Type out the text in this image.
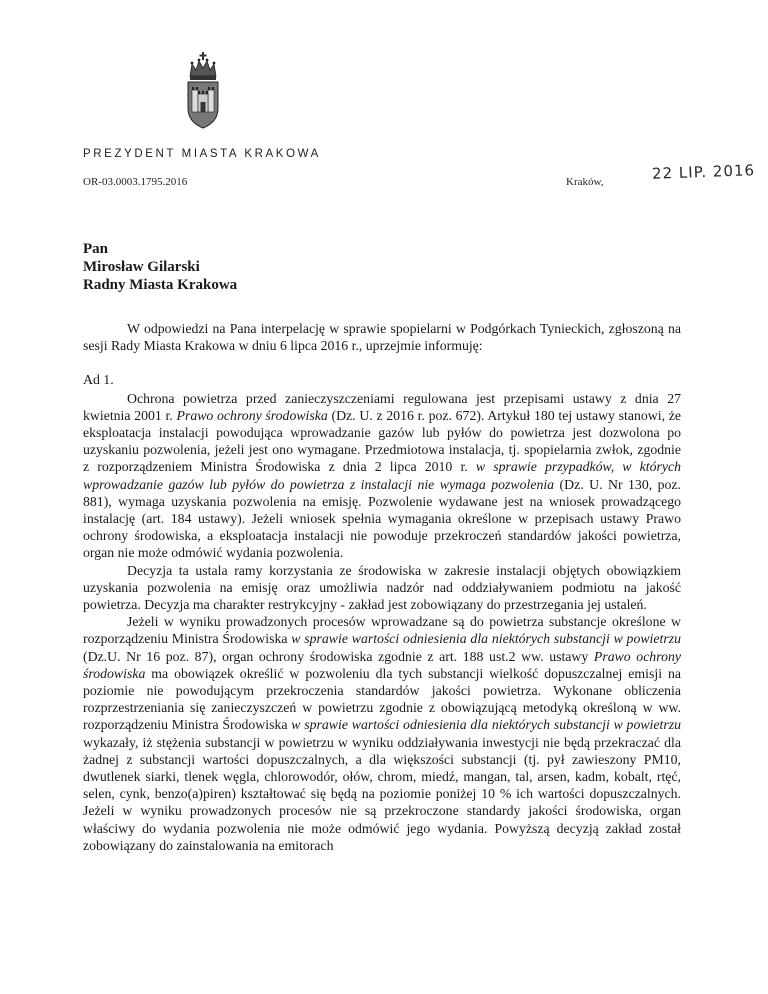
PREZYDENT MIASTA KRAKOWA
OR-03.0003.1795.2016	Kraków,	22 LIP. 2016
Pan
Mirosław Gilarski
Radny Miasta Krakowa

W odpowiedzi na Pana interpelację w sprawie spopielarni w Podgórkach Tynieckich, zgłoszoną na sesji Rady Miasta Krakowa w dniu 6 lipca 2016 r., uprzejmie informuję:

Ad 1.

Ochrona powietrza przed zanieczyszczeniami regulowana jest przepisami ustawy z dnia 27 kwietnia 2001 r. Prawo ochrony środowiska (Dz. U. z 2016 r. poz. 672). Artykuł 180 tej ustawy stanowi, że eksploatacja instalacji powodująca wprowadzanie gazów lub pyłów do powietrza jest dozwolona po uzyskaniu pozwolenia, jeżeli jest ono wymagane. Przedmiotowa instalacja, tj. spopielarnia zwłok, zgodnie z rozporządzeniem Ministra Środowiska z dnia 2 lipca 2010 r. w sprawie przypadków, w których wprowadzanie gazów lub pyłów do powietrza z instalacji nie wymaga pozwolenia (Dz. U. Nr 130, poz. 881), wymaga uzyskania pozwolenia na emisję. Pozwolenie wydawane jest na wniosek prowadzącego instalację (art. 184 ustawy). Jeżeli wniosek spełnia wymagania określone w przepisach ustawy Prawo ochrony środowiska, a eksploatacja instalacji nie powoduje przekroczeń standardów jakości powietrza, organ nie może odmówić wydania pozwolenia.

Decyzja ta ustala ramy korzystania ze środowiska w zakresie instalacji objętych obowiązkiem uzyskania pozwolenia na emisję oraz umożliwia nadzór nad oddziaływaniem podmiotu na jakość powietrza. Decyzja ma charakter restrykcyjny - zakład jest zobowiązany do przestrzegania jej ustaleń.

Jeżeli w wyniku prowadzonych procesów wprowadzane są do powietrza substancje określone w rozporządzeniu Ministra Środowiska w sprawie wartości odniesienia dla niektórych substancji w powietrzu (Dz.U. Nr 16 poz. 87), organ ochrony środowiska zgodnie z art. 188 ust.2 ww. ustawy Prawo ochrony środowiska ma obowiązek określić w pozwoleniu dla tych substancji wielkość dopuszczalnej emisji na poziomie nie powodującym przekroczenia standardów jakości powietrza. Wykonane obliczenia rozprzestrzeniania się zanieczyszczeń w powietrzu zgodnie z obowiązującą metodyką określoną w ww. rozporządzeniu Ministra Środowiska w sprawie wartości odniesienia dla niektórych substancji w powietrzu wykazały, iż stężenia substancji w powietrzu w wyniku oddziaływania inwestycji nie będą przekraczać dla żadnej z substancji wartości dopuszczalnych, a dla większości substancji (tj. pył zawieszony PM10, dwutlenek siarki, tlenek węgla, chlorowodór, ołów, chrom, miedź, mangan, tal, arsen, kadm, kobalt, rtęć, selen, cynk, benzo(a)piren) kształtować się będą na poziomie poniżej 10 % ich wartości dopuszczalnych. Jeżeli w wyniku prowadzonych procesów nie są przekroczone standardy jakości środowiska, organ właściwy do wydania pozwolenia nie może odmówić jego wydania. Powyższą decyzją zakład został zobowiązany do zainstalowania na emitorach
